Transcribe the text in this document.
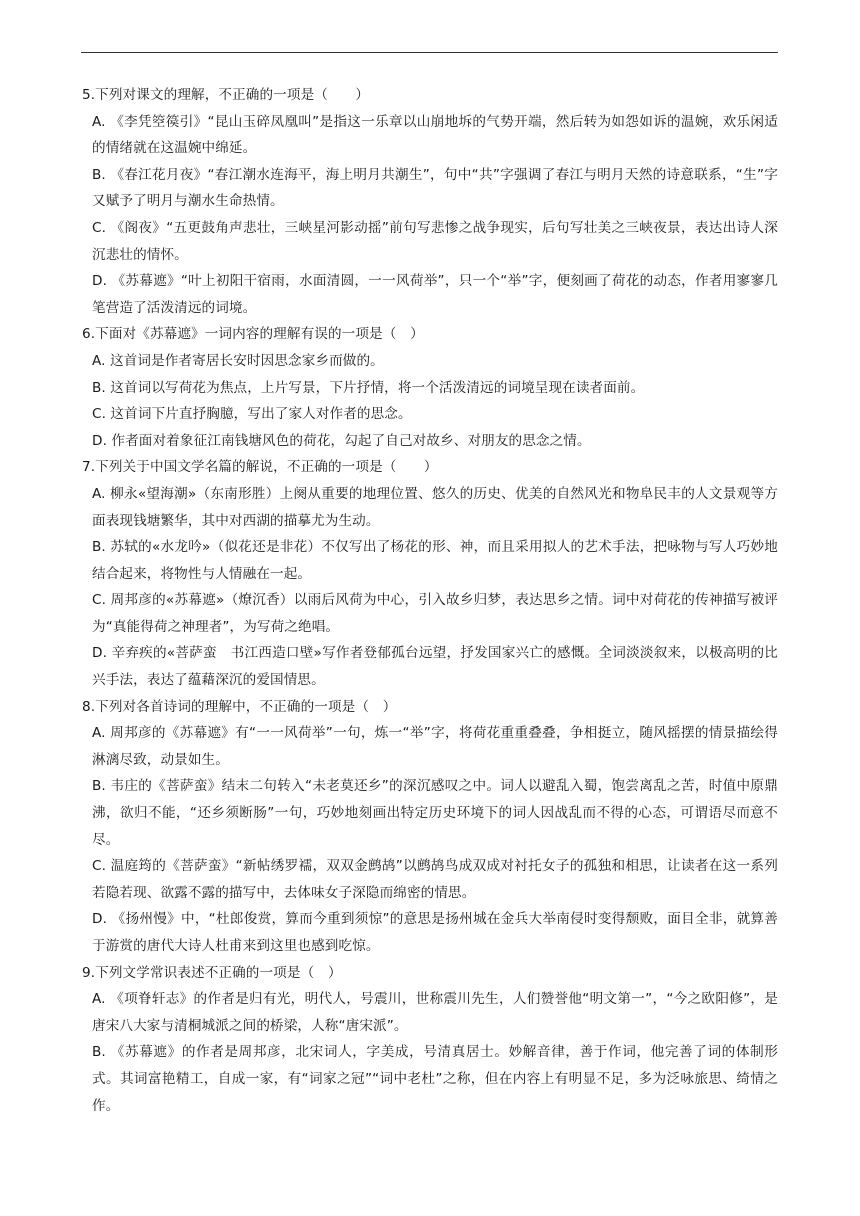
5.下列对课文的理解，不正确的一项是（　　）

A. 《李凭箜篌引》“昆山玉碎凤凰叫”是指这一乐章以山崩地坼的气势开端，然后转为如怨如诉的温婉，欢乐闲适的情绪就在这温婉中绵延。

B. 《春江花月夜》“春江潮水连海平，海上明月共潮生”，句中“共”字强调了春江与明月天然的诗意联系，“生”字又赋予了明月与潮水生命热情。

C. 《阁夜》“五更鼓角声悲壮，三峡星河影动摇”前句写悲惨之战争现实，后句写壮美之三峡夜景，表达出诗人深沉悲壮的情怀。

D. 《苏幕遮》“叶上初阳干宿雨，水面清圆，一一风荷举”，只一个“举”字，便刻画了荷花的动态，作者用寥寥几笔营造了活泼清远的词境。

6.下面对《苏幕遮》一词内容的理解有误的一项是（　）

A. 这首词是作者寄居长安时因思念家乡而做的。

B. 这首词以写荷花为焦点，上片写景，下片抒情，将一个活泼清远的词境呈现在读者面前。

C. 这首词下片直抒胸臆，写出了家人对作者的思念。

D. 作者面对着象征江南钱塘风色的荷花，勾起了自己对故乡、对朋友的思念之情。

7.下列关于中国文学名篇的解说，不正确的一项是（　　）

A. 柳永«望海潮»（东南形胜）上阕从重要的地理位置、悠久的历史、优美的自然风光和物阜民丰的人文景观等方面表现钱塘繁华，其中对西湖的描摹尤为生动。

B. 苏轼的«水龙吟»（似花还是非花）不仅写出了杨花的形、神，而且采用拟人的艺术手法，把咏物与写人巧妙地结合起来，将物性与人情融在一起。

C. 周邦彦的«苏幕遮»（燎沉香）以雨后风荷为中心，引入故乡归梦，表达思乡之情。词中对荷花的传神描写被评为“真能得荷之神理者”，为写荷之绝唱。

D. 辛弃疾的«菩萨蛮　书江西造口壁»写作者登郁孤台远望，抒发国家兴亡的感慨。全词淡淡叙来，以极高明的比兴手法，表达了蕴藉深沉的爱国情思。

8.下列对各首诗词的理解中，不正确的一项是（　）

A. 周邦彦的《苏幕遮》有“一一风荷举”一句，炼一“举”字，将荷花重重叠叠，争相挺立，随风摇摆的情景描绘得淋漓尽致，动景如生。

B. 韦庄的《菩萨蛮》结末二句转入“未老莫还乡”的深沉感叹之中。词人以避乱入蜀，饱尝离乱之苦，时值中原鼎沸，欲归不能，“还乡须断肠”一句，巧妙地刻画出特定历史环境下的词人因战乱而不得的心态，可谓语尽而意不尽。

C. 温庭筠的《菩萨蛮》“新帖绣罗襦，双双金鹧鸪”以鹧鸪鸟成双成对衬托女子的孤独和相思，让读者在这一系列若隐若现、欲露不露的描写中，去体味女子深隐而绵密的情思。

D. 《扬州慢》中，“杜郎俊赏，算而今重到须惊”的意思是扬州城在金兵大举南侵时变得颓败，面目全非，就算善于游赏的唐代大诗人杜甫来到这里也感到吃惊。

9.下列文学常识表述不正确的一项是（　）

A. 《项脊轩志》的作者是归有光，明代人，号震川，世称震川先生，人们赞誉他“明文第一”，“今之欧阳修”，是唐宋八大家与清桐城派之间的桥梁，人称“唐宋派”。

B. 《苏幕遮》的作者是周邦彦，北宋词人，字美成，号清真居士。妙解音律，善于作词，他完善了词的体制形式。其词富艳精工，自成一家，有“词家之冠”“词中老杜”之称，但在内容上有明显不足，多为泛咏旅思、绮情之作。
